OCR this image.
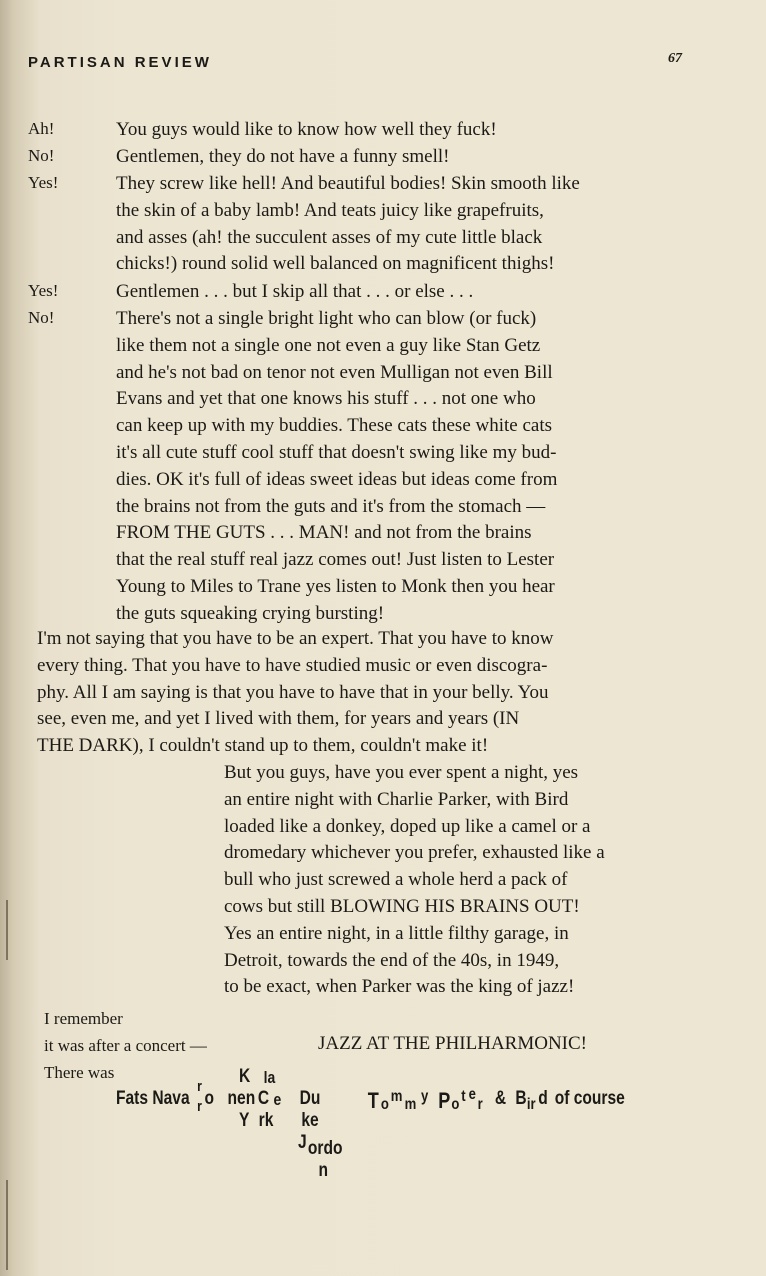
PARTISAN REVIEW	67
Ah!	You guys would like to know how well they fuck!
No!	Gentlemen, they do not have a funny smell!
Yes!	They screw like hell! And beautiful bodies! Skin smooth like
the skin of a baby lamb! And teats juicy like grapefruits,
and asses (ah! the succulent asses of my cute little black
chicks!) round solid well balanced on magnificent thighs!
Yes!	Gentlemen . . . but I skip all that . . . or else . . .
No!	There's not a single bright light who can blow (or fuck)
like them not a single one not even a guy like Stan Getz
and he's not bad on tenor not even Mulligan not even Bill
Evans and yet that one knows his stuff . . . not one who
can keep up with my buddies. These cats these white cats
it's all cute stuff cool stuff that doesn't swing like my bud-
dies. OK it's full of ideas sweet ideas but ideas come from
the brains not from the guts and it's from the stomach —
FROM THE GUTS . . . MAN! and not from the brains
that the real stuff real jazz comes out! Just listen to Lester
Young to Miles to Trane yes listen to Monk then you hear
the guts squeaking crying bursting!
I'm not saying that you have to be an expert. That you have to know
every thing. That you have to have studied music or even discogra-
phy. All I am saying is that you have to have that in your belly. You
see, even me, and yet I lived with them, for years and years (IN
THE DARK), I couldn't stand up to them, couldn't make it!
But you guys, have you ever spent a night, yes
an entire night with Charlie Parker, with Bird
loaded like a donkey, doped up like a camel or a
dromedary whichever you prefer, exhausted like a
bull who just screwed a whole herd a pack of
cows but still BLOWING HIS BRAINS OUT!
Yes an entire night, in a little filthy garage, in
Detroit, towards the end of the 40s, in 1949,
to be exact, when Parker was the king of jazz!
I remember
it was after a concert —	JAZZ AT THE PHILHARMONIC!
There was
Fats Nava
r
r o
K
nen
Y
la
C e
rk
Du
ke
J ordo
n
T o m m y P o t e
r & B ir d of course
